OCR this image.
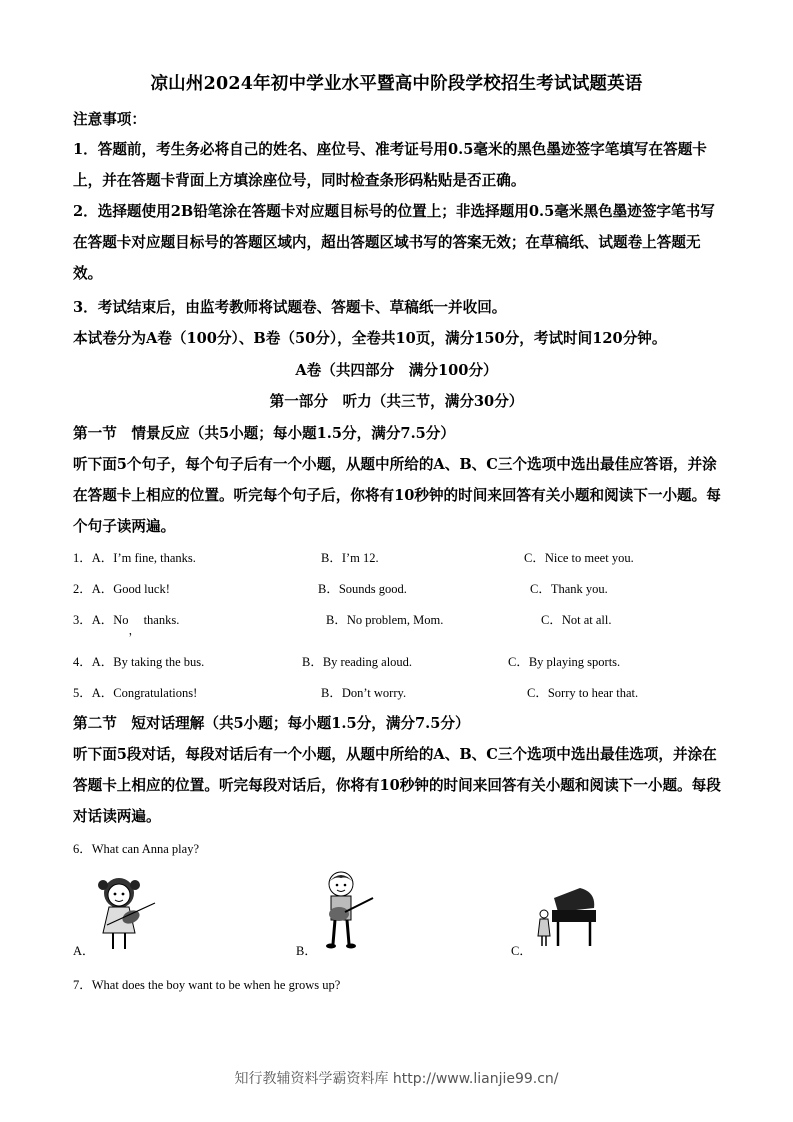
凉山州2024年初中学业水平暨高中阶段学校招生考试试题英语
注意事项：
1．答题前，考生务必将自己的姓名、座位号、准考证号用0.5毫米的黑色墨迹签字笔填写在答题卡上，并在答题卡背面上方填涂座位号，同时检查条形码粘贴是否正确。
2．选择题使用2B铅笔涂在答题卡对应题目标号的位置上；非选择题用0.5毫米黑色墨迹签字笔书写在答题卡对应题目标号的答题区域内，超出答题区域书写的答案无效；在草稿纸、试题卷上答题无效。
3．考试结束后，由监考教师将试题卷、答题卡、草稿纸一并收回。
本试卷分为A卷（100分）、B卷（50分），全卷共10页，满分150分，考试时间120分钟。
A卷（共四部分　满分100分）
第一部分　听力（共三节，满分30分）
第一节　情景反应（共5小题；每小题1.5分，满分7.5分）
听下面5个句子，每个句子后有一个小题，从题中所给的A、B、C三个选项中选出最佳应答语，并涂在答题卡上相应的位置。听完每个句子后，你将有10秒钟的时间来回答有关小题和阅读下一小题。每个句子读两遍。
1．A．I’m fine, thanks.	B．I’m 12.	C．Nice to meet you.
2．A．Good luck!	B．Sounds good.	C．Thank you.
3．A．No，thanks.	B．No problem, Mom.	C．Not at all.
4．A．By taking the bus.	B．By reading aloud.	C．By playing sports.
5．A．Congratulations!	B．Don’t worry.	C．Sorry to hear that.
第二节　短对话理解（共5小题；每小题1.5分，满分7.5分）
听下面5段对话，每段对话后有一个小题，从题中所给的A、B、C三个选项中选出最佳选项，并涂在答题卡上相应的位置。听完每段对话后，你将有10秒钟的时间来回答有关小题和阅读下一小题。每段对话读两遍。
6．What can Anna play?
A．	B．	C．
7．What does the boy want to be when he grows up?
知行教辅资料学霸资料库 http://www.lianjie99.cn/
